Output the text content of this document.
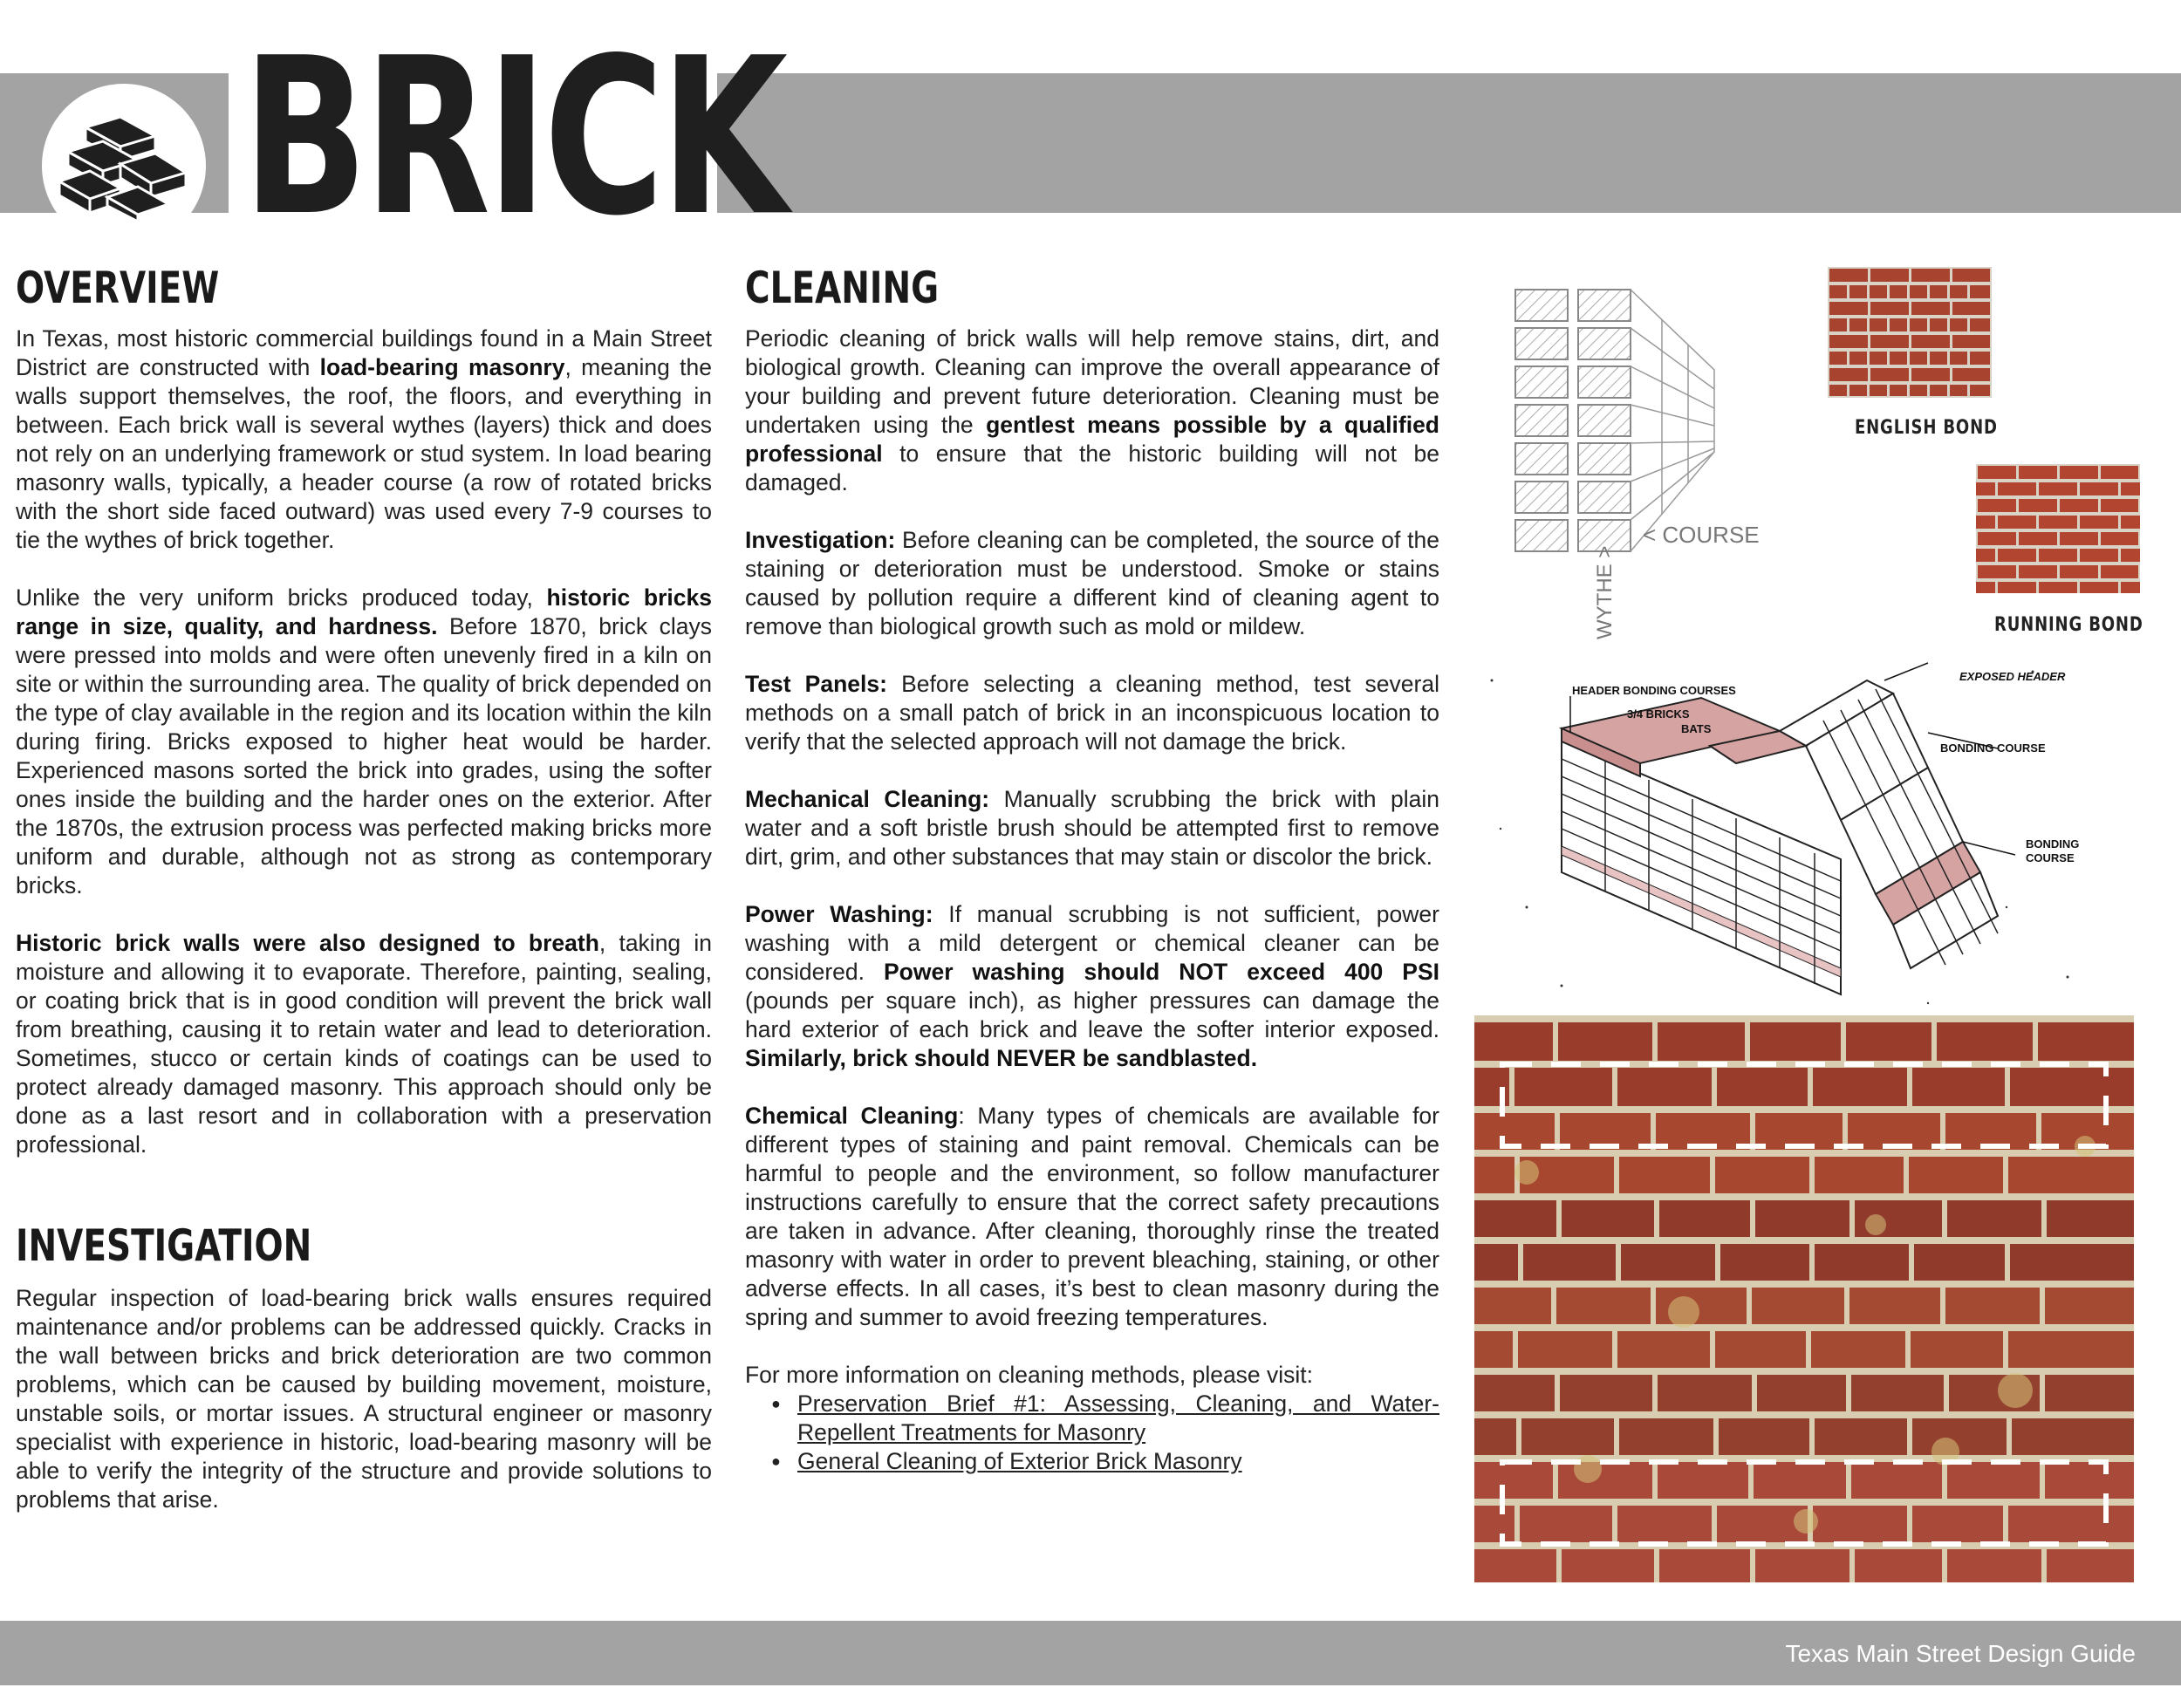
BRICK
OVERVIEW

In Texas, most historic commercial buildings found in a Main Street District are constructed with load-bearing masonry, meaning the walls support themselves, the roof, the floors, and everything in between. Each brick wall is several wythes (layers) thick and does not rely on an underlying framework or stud system. In load bearing masonry walls, typically, a header course (a row of rotated bricks with the short side faced outward) was used every 7-9 courses to tie the wythes of brick together.

Unlike the very uniform bricks produced today, historic bricks range in size, quality, and hardness. Before 1870, brick clays were pressed into molds and were often unevenly fired in a kiln on site or within the surrounding area. The quality of brick depended on the type of clay available in the region and its location within the kiln during firing. Bricks exposed to higher heat would be harder. Experienced masons sorted the brick into grades, using the softer ones inside the building and the harder ones on the exterior. After the 1870s, the extrusion process was perfected making bricks more uniform and durable, although not as strong as contemporary bricks.

Historic brick walls were also designed to breath, taking in moisture and allowing it to evaporate. Therefore, painting, sealing, or coating brick that is in good condition will prevent the brick wall from breathing, causing it to retain water and lead to deterioration. Sometimes, stucco or certain kinds of coatings can be used to protect already damaged masonry. This approach should only be done as a last resort and in collaboration with a preservation professional.

INVESTIGATION

Regular inspection of load-bearing brick walls ensures required maintenance and/or problems can be addressed quickly. Cracks in the wall between bricks and brick deterioration are two common problems, which can be caused by building movement, moisture, unstable soils, or mortar issues. A structural engineer or masonry specialist with experience in historic, load-bearing masonry will be able to verify the integrity of the structure and provide solutions to problems that arise.

CLEANING

Periodic cleaning of brick walls will help remove stains, dirt, and biological growth. Cleaning can improve the overall appearance of your building and prevent future deterioration. Cleaning must be undertaken using the gentlest means possible by a qualified professional to ensure that the historic building will not be damaged.

Investigation: Before cleaning can be completed, the source of the staining or deterioration must be understood. Smoke or stains caused by pollution require a different kind of cleaning agent to remove than biological growth such as mold or mildew.

Test Panels: Before selecting a cleaning method, test several methods on a small patch of brick in an inconspicuous location to verify that the selected approach will not damage the brick.

Mechanical Cleaning: Manually scrubbing the brick with plain water and a soft bristle brush should be attempted first to remove dirt, grim, and other substances that may stain or discolor the brick.

Power Washing: If manual scrubbing is not sufficient, power washing with a mild detergent or chemical cleaner can be considered. Power washing should NOT exceed 400 PSI (pounds per square inch), as higher pressures can damage the hard exterior of each brick and leave the softer interior exposed. Similarly, brick should NEVER be sandblasted.

Chemical Cleaning: Many types of chemicals are available for different types of staining and paint removal. Chemicals can be harmful to people and the environment, so follow manufacturer instructions carefully to ensure that the correct safety precautions are taken in advance. After cleaning, thoroughly rinse the treated masonry with water in order to prevent bleaching, staining, or other adverse effects. In all cases, it’s best to clean masonry during the spring and summer to avoid freezing temperatures.

For more information on cleaning methods, please visit:

● Preservation Brief #1: Assessing, Cleaning, and Water-Repellent Treatments for Masonry
● General Cleaning of Exterior Brick Masonry
< COURSE
WYTHE >
ENGLISH BOND
RUNNING BOND
HEADER BONDING COURSES
3/4 BRICKS
BATS
EXPOSED HEADER
BONDING COURSE
BONDING
COURSE
Texas Main Street Design Guide
